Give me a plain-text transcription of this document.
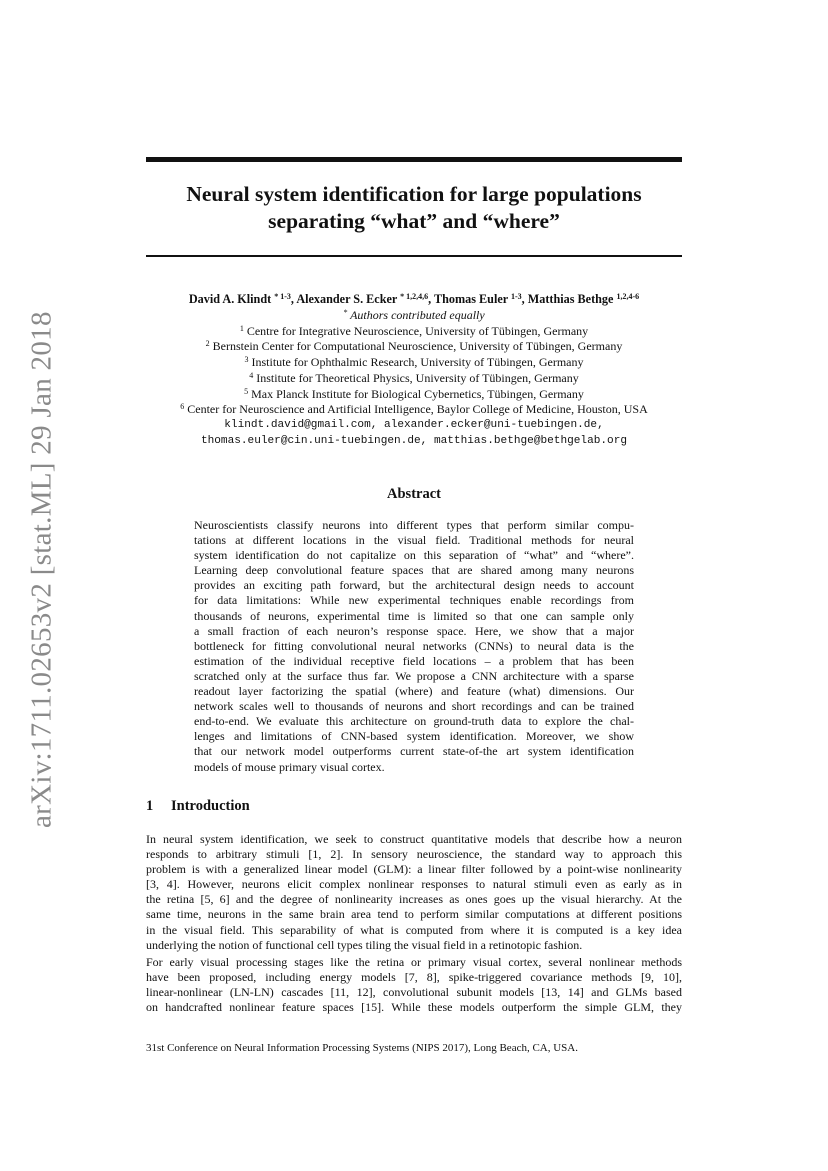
arXiv:1711.02653v2 [stat.ML] 29 Jan 2018
Neural system identification for large populations
separating “what” and “where”
David A. Klindt $^{* 1-3}$, Alexander S. Ecker $^{* 1,2,4,6}$, Thomas Euler $^{1-3}$, Matthias Bethge $^{1,2,4-6}$
* Authors contributed equally
$^1$ Centre for Integrative Neuroscience, University of Tübingen, Germany
$^2$ Bernstein Center for Computational Neuroscience, University of Tübingen, Germany
$^3$ Institute for Ophthalmic Research, University of Tübingen, Germany
$^4$ Institute for Theoretical Physics, University of Tübingen, Germany
$^5$ Max Planck Institute for Biological Cybernetics, Tübingen, Germany
$^6$ Center for Neuroscience and Artificial Intelligence, Baylor College of Medicine, Houston, USA
klindt.david@gmail.com, alexander.ecker@uni-tuebingen.de,
thomas.euler@cin.uni-tuebingen.de, matthias.bethge@bethgelab.org
Abstract
Neuroscientists classify neurons into different types that perform similar compu-
tations at different locations in the visual field. Traditional methods for neural
system identification do not capitalize on this separation of “what” and “where”.
Learning deep convolutional feature spaces that are shared among many neurons
provides an exciting path forward, but the architectural design needs to account
for data limitations: While new experimental techniques enable recordings from
thousands of neurons, experimental time is limited so that one can sample only
a small fraction of each neuron’s response space. Here, we show that a major
bottleneck for fitting convolutional neural networks (CNNs) to neural data is the
estimation of the individual receptive field locations – a problem that has been
scratched only at the surface thus far. We propose a CNN architecture with a sparse
readout layer factorizing the spatial (where) and feature (what) dimensions. Our
network scales well to thousands of neurons and short recordings and can be trained
end-to-end. We evaluate this architecture on ground-truth data to explore the chal-
lenges and limitations of CNN-based system identification. Moreover, we show
that our network model outperforms current state-of-the art system identification
models of mouse primary visual cortex.
1 Introduction
In neural system identification, we seek to construct quantitative models that describe how a neuron
responds to arbitrary stimuli [1, 2]. In sensory neuroscience, the standard way to approach this
problem is with a generalized linear model (GLM): a linear filter followed by a point-wise nonlinearity
[3, 4]. However, neurons elicit complex nonlinear responses to natural stimuli even as early as in
the retina [5, 6] and the degree of nonlinearity increases as ones goes up the visual hierarchy. At the
same time, neurons in the same brain area tend to perform similar computations at different positions
in the visual field. This separability of what is computed from where it is computed is a key idea
underlying the notion of functional cell types tiling the visual field in a retinotopic fashion.
For early visual processing stages like the retina or primary visual cortex, several nonlinear methods
have been proposed, including energy models [7, 8], spike-triggered covariance methods [9, 10],
linear-nonlinear (LN-LN) cascades [11, 12], convolutional subunit models [13, 14] and GLMs based
on handcrafted nonlinear feature spaces [15]. While these models outperform the simple GLM, they
31st Conference on Neural Information Processing Systems (NIPS 2017), Long Beach, CA, USA.
